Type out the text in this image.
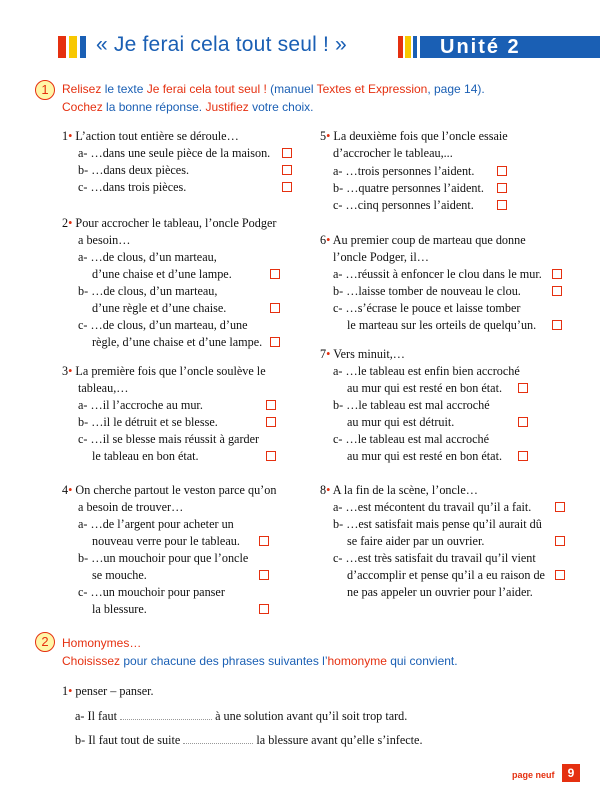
« Je ferai cela tout seul ! »	Unité 2
1	Relisez le texte Je ferai cela tout seul ! (manuel Textes et Expression, page 14).
Cochez la bonne réponse. Justifiez votre choix.
1• L’action tout entière se déroule…
a- …dans une seule pièce de la maison.
b- …dans deux pièces.
c- …dans trois pièces.
2• Pour accrocher le tableau, l’oncle Podger
a besoin…
a- …de clous, d’un marteau,
d’une chaise et d’une lampe.
b- …de clous, d’un marteau,
d’une règle et d’une chaise.
c- …de clous, d’un marteau, d’une
règle, d’une chaise et d’une lampe.
3• La première fois que l’oncle soulève le
tableau,…
a- …il l’accroche au mur.
b- …il le détruit et se blesse.
c- …il se blesse mais réussit à garder
le tableau en bon état.
4• On cherche partout le veston parce qu’on
a besoin de trouver…
a- …de l’argent pour acheter un
nouveau verre pour le tableau.
b- …un mouchoir pour que l’oncle
se mouche.
c- …un mouchoir pour panser
la blessure.
5• La deuxième fois que l’oncle essaie
d’accrocher le tableau,...
a- …trois personnes l’aident.
b- …quatre personnes l’aident.
c- …cinq personnes l’aident.
6• Au premier coup de marteau que donne
l’oncle Podger, il…
a- …réussit à enfoncer le clou dans le mur.
b- …laisse tomber de nouveau le clou.
c- …s’écrase le pouce et laisse tomber
le marteau sur les orteils de quelqu’un.
7• Vers minuit,…
a- …le tableau est enfin bien accroché
au mur qui est resté en bon état.
b- …le tableau est mal accroché
au mur qui est détruit.
c- …le tableau est mal accroché
au mur qui est resté en bon état.
8• A la fin de la scène, l’oncle…
a- …est mécontent du travail qu’il a fait.
b- …est satisfait mais pense qu’il aurait dû
se faire aider par un ouvrier.
c- …est très satisfait du travail qu’il vient
d’accomplir et pense qu’il a eu raison de
ne pas appeler un ouvrier pour l’aider.
2	Homonymes…
Choisissez pour chacune des phrases suivantes l’homonyme qui convient.
1• penser – panser.
a- Il faut	à une solution avant qu’il soit trop tard.
b- Il faut tout de suite	la blessure avant qu’elle s’infecte.
page neuf	9
